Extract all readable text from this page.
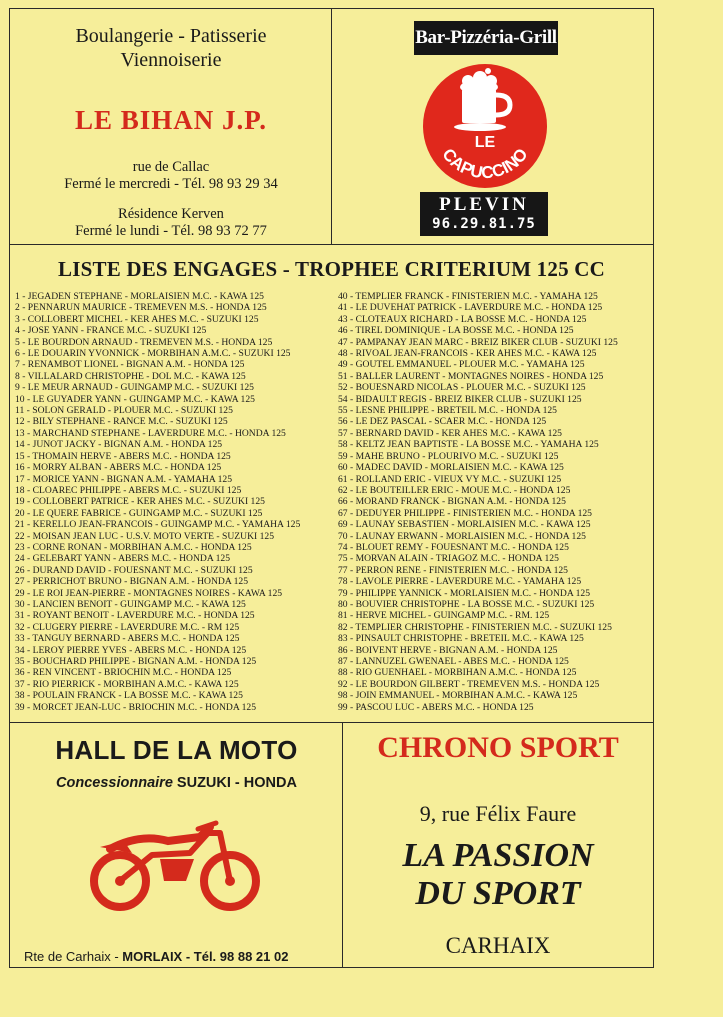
Boulangerie - Patisserie
Viennoiserie
LE BIHAN J.P.
rue de Callac
Fermé le mercredi - Tél. 98 93 29 34
Résidence Kerven
Fermé le lundi - Tél. 98 93 72 77
Bar-Pizzéria-Grill
LE
CAPUCCINO
PLEVIN
96.29.81.75
LISTE DES ENGAGES - TROPHEE CRITERIUM 125 CC
1 - JEGADEN STEPHANE - MORLAISIEN M.C. - KAWA 125
2 - PENNARUN MAURICE - TREMEVEN M.S. - HONDA 125
3 - COLLOBERT MICHEL - KER AHES M.C. - SUZUKI 125
4 - JOSE YANN - FRANCE M.C. - SUZUKI 125
5 - LE BOURDON ARNAUD - TREMEVEN M.S. - HONDA 125
6 - LE DOUARIN YVONNICK - MORBIHAN A.M.C. - SUZUKI 125
7 - RENAMBOT LIONEL - BIGNAN A.M. - HONDA 125
8 - VILLALARD CHRISTOPHE - DOL M.C. - KAWA 125
9 - LE MEUR ARNAUD - GUINGAMP M.C. - SUZUKI 125
10 - LE GUYADER YANN - GUINGAMP M.C. - KAWA 125
11 - SOLON GERALD - PLOUER M.C. - SUZUKI 125
12 - BILY STEPHANE - RANCE M.C. - SUZUKI 125
13 - MARCHAND STEPHANE - LAVERDURE M.C. - HONDA 125
14 - JUNOT JACKY - BIGNAN A.M. - HONDA 125
15 - THOMAIN HERVE - ABERS M.C. - HONDA 125
16 - MORRY ALBAN - ABERS M.C. - HONDA 125
17 - MORICE YANN - BIGNAN A.M. - YAMAHA 125
18 - CLOAREC PHILIPPE - ABERS M.C. - SUZUKI 125
19 - COLLOBERT PATRICE - KER AHES M.C. - SUZUKI 125
20 - LE QUERE FABRICE - GUINGAMP M.C. - SUZUKI 125
21 - KERELLO JEAN-FRANCOIS - GUINGAMP M.C. - YAMAHA 125
22 - MOISAN JEAN LUC - U.S.V. MOTO VERTE - SUZUKI 125
23 - CORNE RONAN - MORBIHAN A.M.C. - HONDA 125
24 - GELEBART YANN - ABERS M.C. - HONDA 125
26 - DURAND DAVID - FOUESNANT M.C. - SUZUKI 125
27 - PERRICHOT BRUNO - BIGNAN A.M. - HONDA 125
29 - LE ROI JEAN-PIERRE - MONTAGNES NOIRES - KAWA 125
30 - LANCIEN BENOIT - GUINGAMP M.C. - KAWA 125
31 - ROYANT BENOIT - LAVERDURE M.C. - HONDA 125
32 - CLUGERY PIERRE - LAVERDURE M.C. - RM 125
33 - TANGUY BERNARD - ABERS M.C. - HONDA 125
34 - LEROY PIERRE YVES - ABERS M.C. - HONDA 125
35 - BOUCHARD PHILIPPE - BIGNAN A.M. - HONDA 125
36 - REN VINCENT - BRIOCHIN M.C. - HONDA 125
37 - RIO PIERRICK - MORBIHAN A.M.C. - KAWA 125
38 - POULAIN FRANCK - LA BOSSE M.C. - KAWA 125
39 - MORCET JEAN-LUC - BRIOCHIN M.C. - HONDA 125
40 - TEMPLIER FRANCK - FINISTERIEN M.C. - YAMAHA 125
41 - LE DUVEHAT PATRICK - LAVERDURE M.C. - HONDA 125
43 - CLOTEAUX RICHARD - LA BOSSE M.C. - HONDA 125
46 - TIREL DOMINIQUE - LA BOSSE M.C. - HONDA 125
47 - PAMPANAY JEAN MARC - BREIZ BIKER CLUB - SUZUKI 125
48 - RIVOAL JEAN-FRANCOIS - KER AHES M.C. - KAWA 125
49 - GOUTEL EMMANUEL - PLOUER M.C. - YAMAHA 125
51 - BALLER LAURENT - MONTAGNES NOIRES - HONDA 125
52 - BOUESNARD NICOLAS - PLOUER M.C. - SUZUKI 125
54 - BIDAULT REGIS - BREIZ BIKER CLUB - SUZUKI 125
55 - LESNE PHILIPPE - BRETEIL M.C. - HONDA 125
56 - LE DEZ PASCAL - SCAER M.C. - HONDA 125
57 - BERNARD DAVID - KER AHES M.C. - KAWA 125
58 - KELTZ JEAN BAPTISTE - LA BOSSE M.C. - YAMAHA 125
59 - MAHE BRUNO - PLOURIVO M.C. - SUZUKI 125
60 - MADEC DAVID - MORLAISIEN M.C. - KAWA 125
61 - ROLLAND ERIC - VIEUX VY M.C. - SUZUKI 125
62 - LE BOUTEILLER ERIC - MOUE M.C. - HONDA 125
66 - MORAND FRANCK - BIGNAN A.M. - HONDA 125
67 - DEDUYER PHILIPPE - FINISTERIEN M.C. - HONDA 125
69 - LAUNAY SEBASTIEN - MORLAISIEN M.C. - KAWA 125
70 - LAUNAY ERWANN - MORLAISIEN M.C. - HONDA 125
74 - BLOUET REMY - FOUESNANT M.C. - HONDA 125
75 - MORVAN ALAIN - TRIAGOZ M.C. - HONDA 125
77 - PERRON RENE - FINISTERIEN M.C. - HONDA 125
78 - LAVOLE PIERRE - LAVERDURE M.C. - YAMAHA 125
79 - PHILIPPE YANNICK - MORLAISIEN M.C. - HONDA 125
80 - BOUVIER CHRISTOPHE - LA BOSSE M.C. - SUZUKI 125
81 - HERVE MICHEL - GUINGAMP M.C. - RM. 125
82 - TEMPLIER CHRISTOPHE - FINISTERIEN M.C. - SUZUKI 125
83 - PINSAULT CHRISTOPHE - BRETEIL M.C. - KAWA 125
86 - BOIVENT HERVE - BIGNAN A.M. - HONDA 125
87 - LANNUZEL GWENAEL - ABES M.C. - HONDA 125
88 - RIO GUENHAEL - MORBIHAN A.M.C. - HONDA 125
92 - LE BOURDON GILBERT - TREMEVEN M.S. - HONDA 125
98 - JOIN EMMANUEL - MORBIHAN A.M.C. - KAWA 125
99 - PASCOU LUC - ABERS M.C. - HONDA 125
HALL DE LA MOTO
Concessionnaire SUZUKI - HONDA
Rte de Carhaix - MORLAIX - Tél. 98 88 21 02
CHRONO SPORT
9, rue Félix Faure
LA PASSION
DU SPORT
CARHAIX
